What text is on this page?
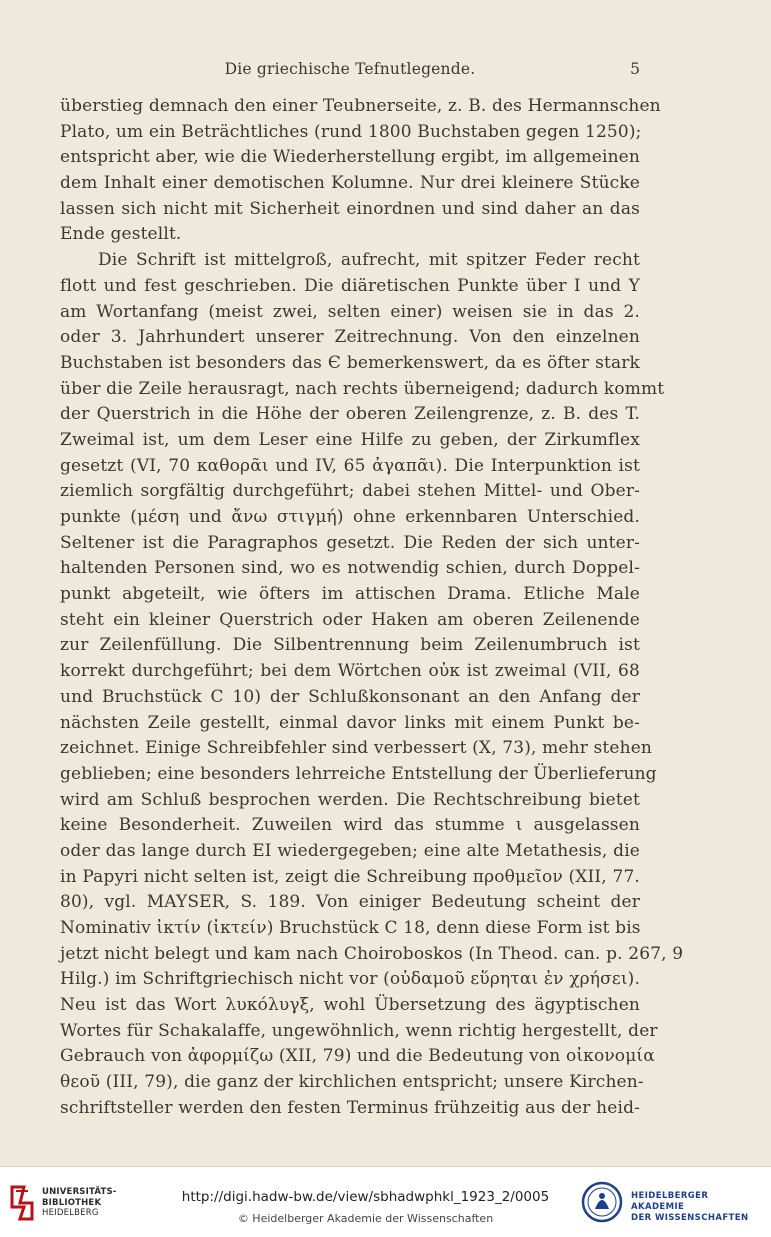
Die griechische Tefnutlegende.	5

überstieg demnach den einer Teubnerseite, z. B. des Hermannschen
Plato, um ein Beträchtliches (rund 1800 Buchstaben gegen 1250);
entspricht aber, wie die Wiederherstellung ergibt, im allgemeinen
dem Inhalt einer demotischen Kolumne. Nur drei kleinere Stücke
lassen sich nicht mit Sicherheit einordnen und sind daher an das
Ende gestellt.

Die Schrift ist mittelgroß, aufrecht, mit spitzer Feder recht
flott und fest geschrieben. Die diäretischen Punkte über I und Y
am Wortanfang (meist zwei, selten einer) weisen sie in das 2.
oder 3. Jahrhundert unserer Zeitrechnung. Von den einzelnen
Buchstaben ist besonders das Є bemerkenswert, da es öfter stark
über die Zeile herausragt, nach rechts überneigend; dadurch kommt
der Querstrich in die Höhe der oberen Zeilengrenze, z. B. des T.
Zweimal ist, um dem Leser eine Hilfe zu geben, der Zirkumflex
gesetzt (VI, 70 καθορᾶι und IV, 65 ἀγαπᾶι). Die Interpunktion ist
ziemlich sorgfältig durchgeführt; dabei stehen Mittel- und Ober-
punkte (μέση und ἄνω στιγμή) ohne erkennbaren Unterschied.
Seltener ist die Paragraphos gesetzt. Die Reden der sich unter-
haltenden Personen sind, wo es notwendig schien, durch Doppel-
punkt abgeteilt, wie öfters im attischen Drama. Etliche Male
steht ein kleiner Querstrich oder Haken am oberen Zeilenende
zur Zeilenfüllung. Die Silbentrennung beim Zeilenumbruch ist
korrekt durchgeführt; bei dem Wörtchen οὐκ ist zweimal (VII, 68
und Bruchstück C 10) der Schlußkonsonant an den Anfang der
nächsten Zeile gestellt, einmal davor links mit einem Punkt be-
zeichnet. Einige Schreibfehler sind verbessert (X, 73), mehr stehen
geblieben; eine besonders lehrreiche Entstellung der Überlieferung
wird am Schluß besprochen werden. Die Rechtschreibung bietet
keine Besonderheit. Zuweilen wird das stumme ι ausgelassen
oder das lange durch ΕΙ wiedergegeben; eine alte Metathesis, die
in Papyri nicht selten ist, zeigt die Schreibung προθμεῖον (XII, 77.
80), vgl. MAYSER, S. 189. Von einiger Bedeutung scheint der
Nominativ ἰκτίν (ἰκτείν) Bruchstück C 18, denn diese Form ist bis
jetzt nicht belegt und kam nach Choiroboskos (In Theod. can. p. 267, 9
Hilg.) im Schriftgriechisch nicht vor (οὐδαμοῦ εὕρηται ἐν χρήσει).
Neu ist das Wort λυκόλυγξ, wohl Übersetzung des ägyptischen
Wortes für Schakalaffe, ungewöhnlich, wenn richtig hergestellt, der
Gebrauch von ἀφορμίζω (XII, 79) und die Bedeutung von οἰκονομία
θεοῦ (III, 79), die ganz der kirchlichen entspricht; unsere Kirchen-
schriftsteller werden den festen Terminus frühzeitig aus der heid-

UNIVERSITÄTS-
BIBLIOTHEK
HEIDELBERG
http://digi.hadw-bw.de/view/sbhadwphkl_1923_2/0005
© Heidelberger Akademie der Wissenschaften
HEIDELBERGER AKADEMIE
DER WISSENSCHAFTEN
